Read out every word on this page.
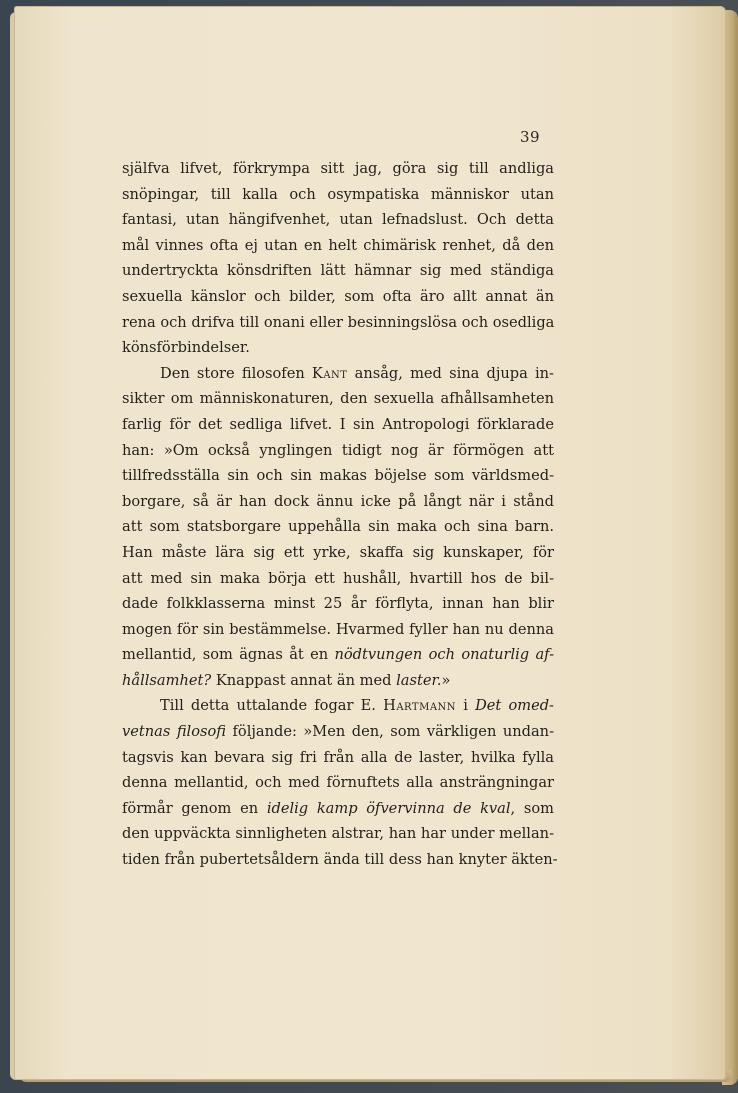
39
själfva lifvet, förkrympa sitt jag, göra sig till andliga
snöpingar, till kalla och osympatiska människor utan
fantasi, utan hängifvenhet, utan lefnadslust. Och detta
mål vinnes ofta ej utan en helt chimärisk renhet, då den
undertryckta könsdriften lätt hämnar sig med ständiga
sexuella känslor och bilder, som ofta äro allt annat än
rena och drifva till onani eller besinningslösa och osedliga
könsförbindelser.
Den store filosofen Kant ansåg, med sina djupa in-
sikter om människonaturen, den sexuella afhållsamheten
farlig för det sedliga lifvet. I sin Antropologi förklarade
han: »Om också ynglingen tidigt nog är förmögen att
tillfredsställa sin och sin makas böjelse som världsmed-
borgare, så är han dock ännu icke på långt när i stånd
att som statsborgare uppehålla sin maka och sina barn.
Han måste lära sig ett yrke, skaffa sig kunskaper, för
att med sin maka börja ett hushåll, hvartill hos de bil-
dade folkklasserna minst 25 år förflyta, innan han blir
mogen för sin bestämmelse. Hvarmed fyller han nu denna
mellantid, som ägnas åt en nödtvungen och onaturlig af-
hållsamhet? Knappast annat än med laster.»
Till detta uttalande fogar E. Hartmann i Det omed-
vetnas filosofi följande: »Men den, som värkligen undan-
tagsvis kan bevara sig fri från alla de laster, hvilka fylla
denna mellantid, och med förnuftets alla ansträngningar
förmår genom en idelig kamp öfvervinna de kval, som
den uppväckta sinnligheten alstrar, han har under mellan-
tiden från pubertetsåldern ända till dess han knyter äkten-
